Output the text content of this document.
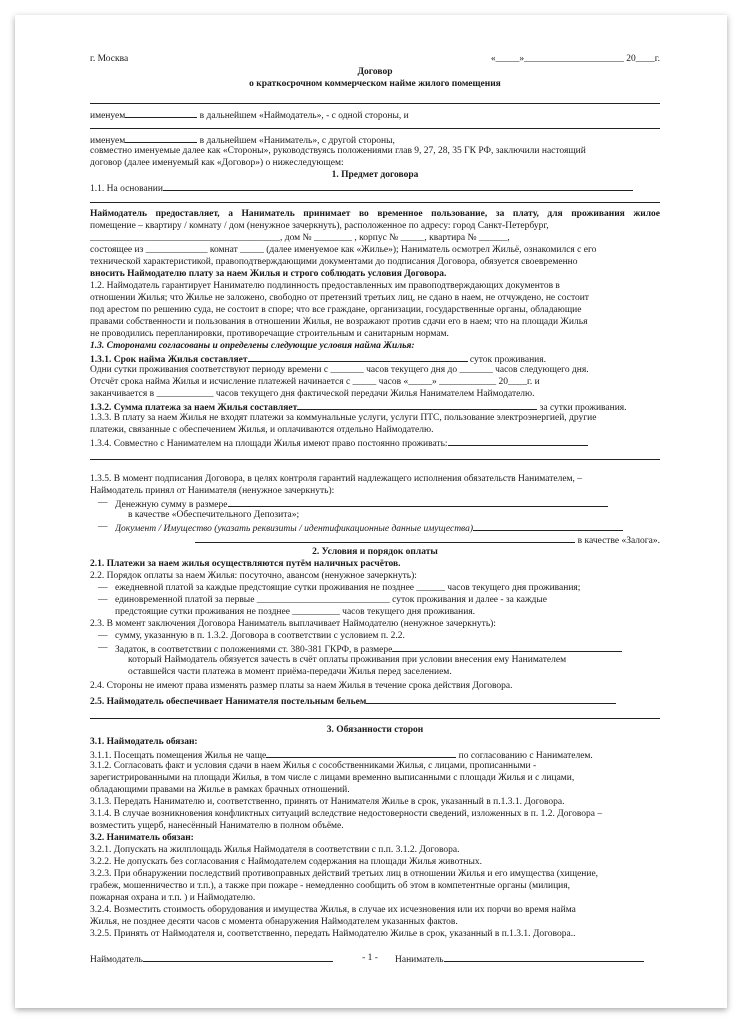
г. Москва	«_____»_____________________ 20____г.
Договор
о краткосрочном коммерческом найме жилого помещения
именуем	в дальнейшем «Наймодатель», - с одной стороны, и
именуем	в дальнейшем «Наниматель», с другой стороны,
совместно именуемые далее как «Стороны», руководствуясь положениями глав 9, 27, 28, 35 ГК РФ, заключили настоящий
договор (далее именуемый как «Договор») о нижеследующем:
1. Предмет договора
1.1. На основании
Наймодатель предоставляет, а Наниматель принимает во временное пользование, за плату, для проживания жилое
помещение – квартиру / комнату / дом (ненужное зачеркнуть), расположенное по адресу: город Санкт-Петербург,
________________________________________, дом № ________ , корпус № _____, квартира № ______,
состоящее из _____________ комнат _____ (далее именуемое как «Жилье»); Наниматель осмотрел Жильё, ознакомился с его
технической характеристикой, правоподтверждающими документами до подписания Договора, обязуется своевременно
вносить Наймодателю плату за наем Жилья и строго соблюдать условия Договора.
1.2. Наймодатель гарантирует Нанимателю подлинность предоставленных им правоподтверждающих документов в
отношении Жилья; что Жилье не заложено, свободно от претензий третьих лиц, не сдано в наем, не отчуждено, не состоит
под арестом по решению суда, не состоит в споре; что все граждане, организации, государственные органы, обладающие
правами собственности и пользования в отношении Жилья, не возражают против сдачи его в наем; что на площади Жилья
не проводились перепланировки, противоречащие строительным и санитарным нормам.
1.3. Сторонами согласованы и определены следующие условия найма Жилья:
1.3.1. Срок найма Жилья составляет	суток проживания.
Одни сутки проживания соответствуют периоду времени с _______ часов текущего дня до _______ часов следующего дня.
Отсчёт срока найма Жилья и исчисление платежей начинается с _____ часов «_____» ____________ 20____г. и
заканчивается в ____________ часов текущего дня фактической передачи Жилья Нанимателем Наймодателю.
1.3.2. Сумма платежа за наем Жилья составляет	за сутки проживания.
1.3.3. В плату за наем Жилья не входят платежи за коммунальные услуги, услуги ПТС, пользование электроэнергией, другие
платежи, связанные с обеспечением Жилья, и оплачиваются отдельно Наймодателю.
1.3.4. Совместно с Нанимателем на площади Жилья имеют право постоянно проживать:
1.3.5. В момент подписания Договора, в целях контроля гарантий надлежащего исполнения обязательств Нанимателем, –
Наймодатель принял от Нанимателя (ненужное зачеркнуть):
— Денежную сумму в размере
в качестве «Обеспечительного Депозита»;
— Документ / Имущество (указать реквизиты / идентификационные данные имущества)
в качестве «Залога».
2. Условия и порядок оплаты
2.1. Платежи за наем жилья осуществляются путём наличных расчётов.
2.2. Порядок оплаты за наем Жилья: посуточно, авансом (ненужное зачеркнуть):
— ежедневной платой за каждые предстоящие сутки проживания не позднее ______ часов текущего дня проживания;
— единовременной платой за первые ____________________________ суток проживания и далее - за каждые
предстоящие сутки проживания не позднее __________ часов текущего дня проживания.
2.3. В момент заключения Договора Наниматель выплачивает Наймодателю (ненужное зачеркнуть):
— сумму, указанную в п. 1.3.2. Договора в соответствии с условием п. 2.2.
— Задаток, в соответствии с положениями ст. 380-381 ГКРФ, в размере
который Наймодатель обязуется зачесть в счёт оплаты проживания при условии внесения ему Нанимателем
оставшейся части платежа в момент приёма-передачи Жилья перед заселением.
2.4. Стороны не имеют права изменять размер платы за наем Жилья в течение срока действия Договора.
2.5. Наймодатель обеспечивает Нанимателя постельным бельем
3. Обязанности сторон
3.1. Наймодатель обязан:
3.1.1. Посещать помещения Жилья не чаще	по согласованию с Нанимателем.
3.1.2. Согласовать факт и условия сдачи в наем Жилья с сособственниками Жилья, с лицами, прописанными -
зарегистрированными на площади Жилья, в том числе с лицами временно выписанными с площади Жилья и с лицами,
обладающими правами на Жилье в рамках брачных отношений.
3.1.3. Передать Нанимателю и, соответственно, принять от Нанимателя Жилье в срок, указанный в п.1.3.1. Договора.
3.1.4. В случае возникновения конфликтных ситуаций вследствие недостоверности сведений, изложенных в п. 1.2. Договора –
возместить ущерб, нанесённый Нанимателю в полном объёме.
3.2. Наниматель обязан:
3.2.1. Допускать на жилплощадь Жилья Наймодателя в соответствии с п.п. 3.1.2. Договора.
3.2.2. Не допускать без согласования с Наймодателем содержания на площади Жилья животных.
3.2.3. При обнаружении последствий противоправных действий третьих лиц в отношении Жилья и его имущества (хищение,
грабеж, мошенничество и т.п.), а также при пожаре - немедленно сообщить об этом в компетентные органы (милиция,
пожарная охрана и т.п. ) и Наймодателю.
3.2.4. Возместить стоимость оборудования и имущества Жилья, в случае их исчезновения или их порчи во время найма
Жилья, не позднее десяти часов с момента обнаружения Наймодателем указанных фактов.
3.2.5. Принять от Наймодателя и, соответственно, передать Наймодателю Жилье в срок, указанный в п.1.3.1. Договора..
Наймодатель	- 1 -	Наниматель
